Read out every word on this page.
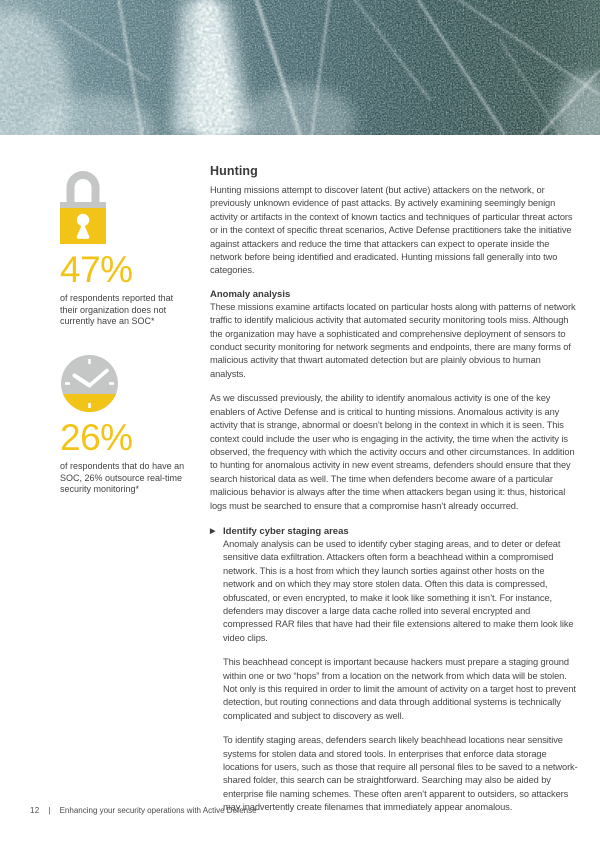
47%
of respondents reported that their organization does not currently have an SOC*
26%
of respondents that do have an SOC, 26% outsource real-time security monitoring*
Hunting

Hunting missions attempt to discover latent (but active) attackers on the network, or previously unknown evidence of past attacks. By actively examining seemingly benign activity or artifacts in the context of known tactics and techniques of particular threat actors or in the context of specific threat scenarios, Active Defense practitioners take the initiative against attackers and reduce the time that attackers can expect to operate inside the network before being identified and eradicated. Hunting missions fall generally into two categories.

Anomaly analysis

These missions examine artifacts located on particular hosts along with patterns of network traffic to identify malicious activity that automated security monitoring tools miss. Although the organization may have a sophisticated and comprehensive deployment of sensors to conduct security monitoring for network segments and endpoints, there are many forms of malicious activity that thwart automated detection but are plainly obvious to human analysts.

As we discussed previously, the ability to identify anomalous activity is one of the key enablers of Active Defense and is critical to hunting missions. Anomalous activity is any activity that is strange, abnormal or doesn’t belong in the context in which it is seen. This context could include the user who is engaging in the activity, the time when the activity is observed, the frequency with which the activity occurs and other circumstances. In addition to hunting for anomalous activity in new event streams, defenders should ensure that they search historical data as well. The time when defenders become aware of a particular malicious behavior is always after the time when attackers began using it: thus, historical logs must be searched to ensure that a compromise hasn’t already occurred.

▶ Identify cyber staging areas

Anomaly analysis can be used to identify cyber staging areas, and to deter or defeat sensitive data exfiltration. Attackers often form a beachhead within a compromised network. This is a host from which they launch sorties against other hosts on the network and on which they may store stolen data. Often this data is compressed, obfuscated, or even encrypted, to make it look like something it isn’t. For instance, defenders may discover a large data cache rolled into several encrypted and compressed RAR files that have had their file extensions altered to make them look like video clips.

This beachhead concept is important because hackers must prepare a staging ground within one or two “hops” from a location on the network from which data will be stolen. Not only is this required in order to limit the amount of activity on a target host to prevent detection, but routing connections and data through additional systems is technically complicated and subject to discovery as well.

To identify staging areas, defenders search likely beachhead locations near sensitive systems for stolen data and stored tools. In enterprises that enforce data storage locations for users, such as those that require all personal files to be saved to a network-shared folder, this search can be straightforward. Searching may also be aided by enterprise file naming schemes. These often aren’t apparent to outsiders, so attackers may inadvertently create filenames that immediately appear anomalous.

12 | Enhancing your security operations with Active Defense
